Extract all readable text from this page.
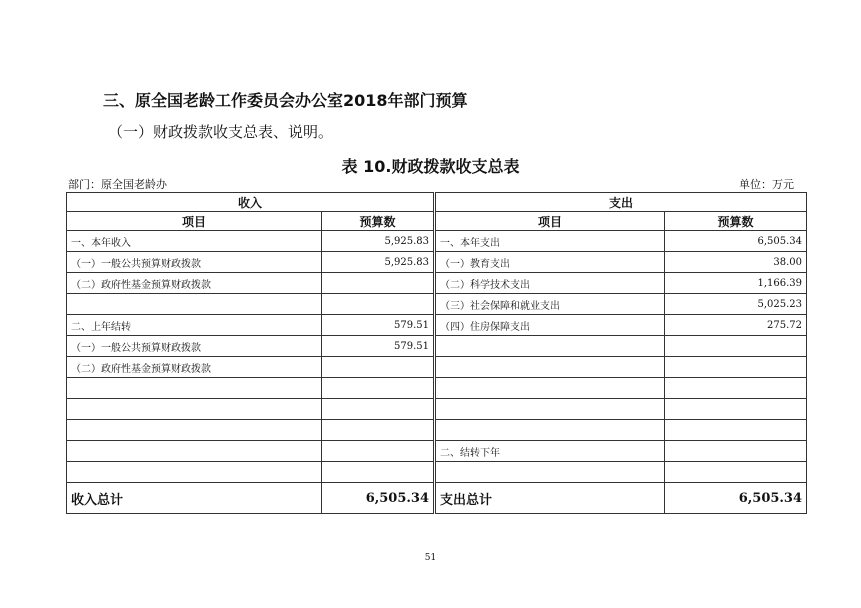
三、原全国老龄工作委员会办公室2018年部门预算
（一）财政拨款收支总表、说明。
表 10.财政拨款收支总表
部门：原全国老龄办	单位：万元
收入		支出	
项目	预算数	项目	预算数
一、本年收入	5,925.83	一、本年支出	6,505.34
（一）一般公共预算财政拨款	5,925.83	（一）教育支出	38.00
（二）政府性基金预算财政拨款		（二）科学技术支出	1,166.39
		（三）社会保障和就业支出	5,025.23
二、上年结转	579.51	（四）住房保障支出	275.72
（一）一般公共预算财政拨款	579.51		
（二）政府性基金预算财政拨款			

		二、结转下年	

收入总计	6,505.34	支出总计	6,505.34
51
